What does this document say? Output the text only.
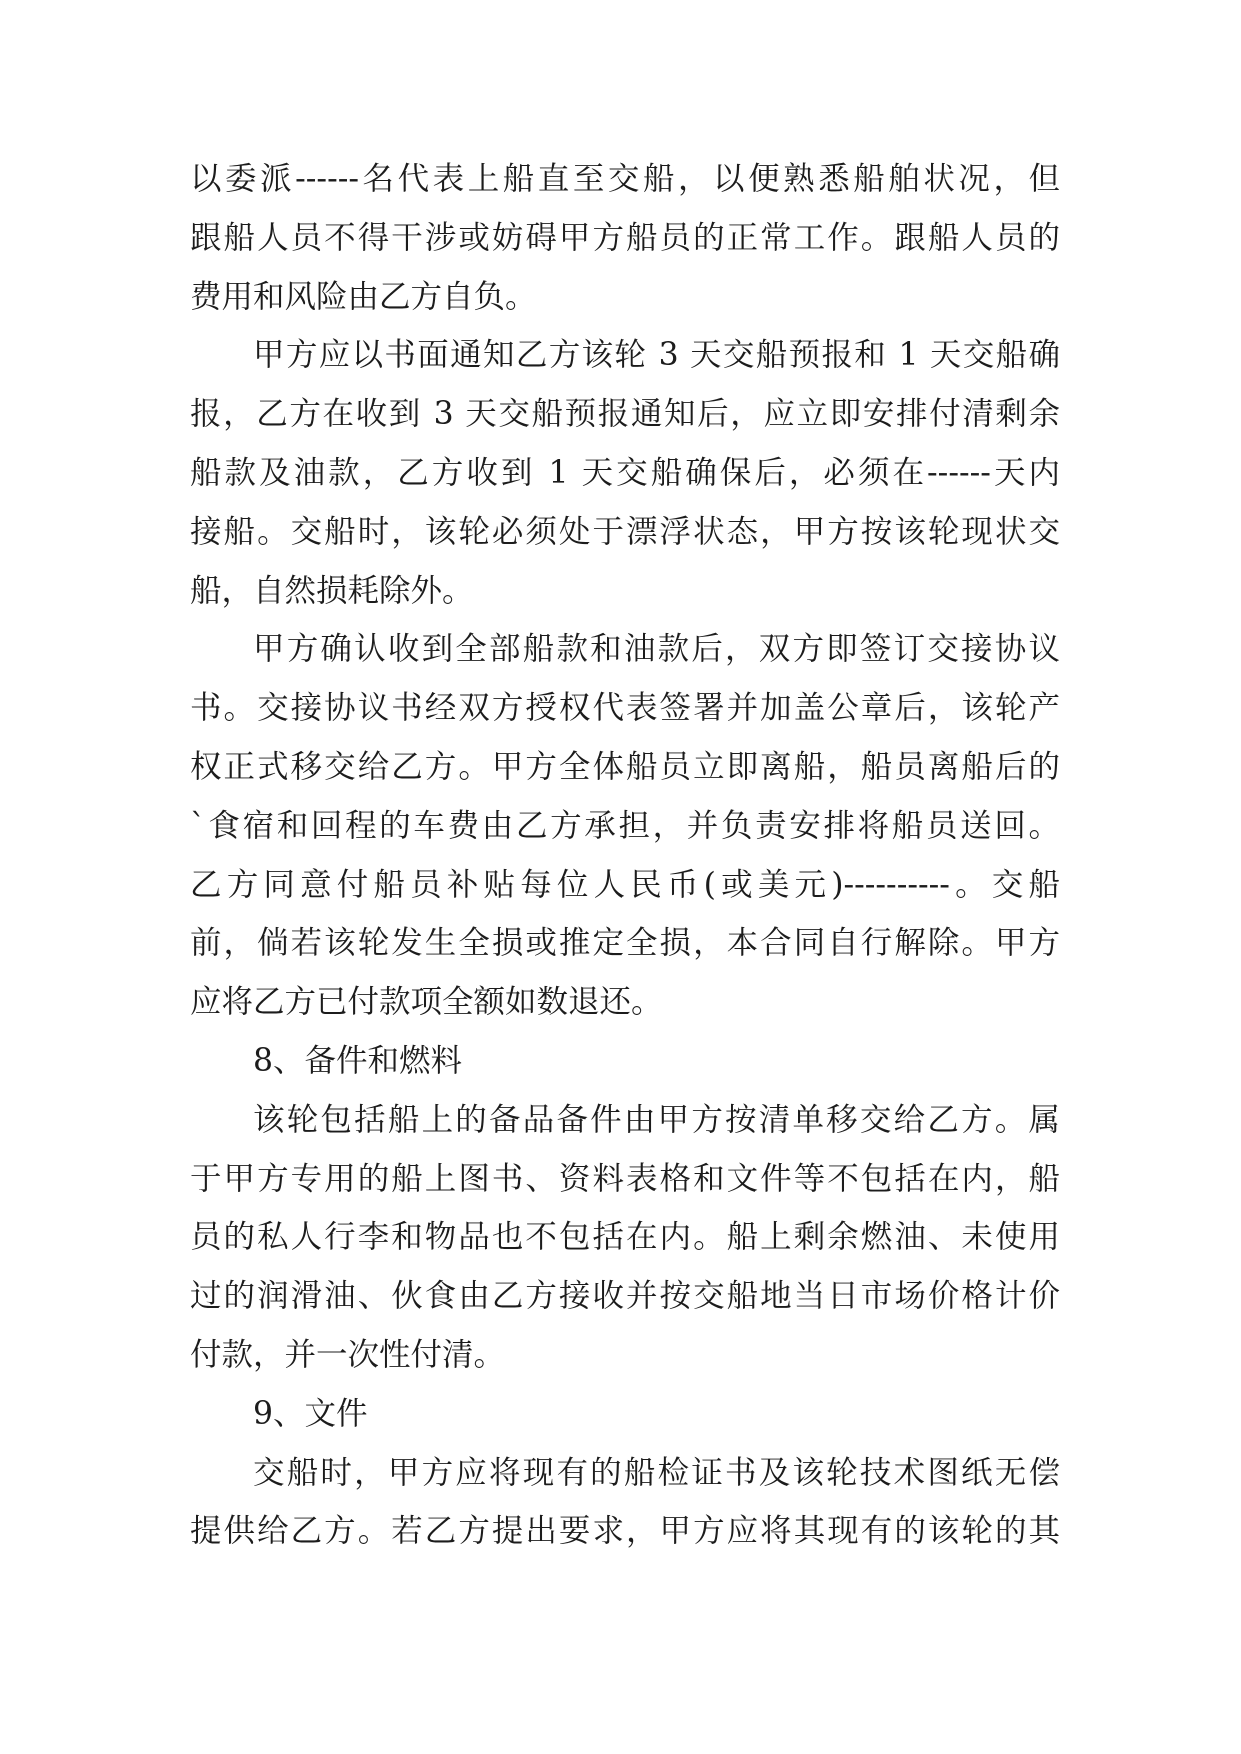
以委派------名代表上船直至交船，以便熟悉船舶状况，但
跟船人员不得干涉或妨碍甲方船员的正常工作。跟船人员的
费用和风险由乙方自负。
甲方应以书面通知乙方该轮 3 天交船预报和 1 天交船确
报，乙方在收到 3 天交船预报通知后，应立即安排付清剩余
船款及油款，乙方收到 1 天交船确保后，必须在------天内
接船。交船时，该轮必须处于漂浮状态，甲方按该轮现状交
船，自然损耗除外。
甲方确认收到全部船款和油款后，双方即签订交接协议
书。交接协议书经双方授权代表签署并加盖公章后，该轮产
权正式移交给乙方。甲方全体船员立即离船，船员离船后的
`食宿和回程的车费由乙方承担，并负责安排将船员送回。
乙方同意付船员补贴每位人民币(或美元)----------。交船
前，倘若该轮发生全损或推定全损，本合同自行解除。甲方
应将乙方已付款项全额如数退还。
8、备件和燃料
该轮包括船上的备品备件由甲方按清单移交给乙方。属
于甲方专用的船上图书、资料表格和文件等不包括在内，船
员的私人行李和物品也不包括在内。船上剩余燃油、未使用
过的润滑油、伙食由乙方接收并按交船地当日市场价格计价
付款，并一次性付清。
9、文件
交船时，甲方应将现有的船检证书及该轮技术图纸无偿
提供给乙方。若乙方提出要求，甲方应将其现有的该轮的其
